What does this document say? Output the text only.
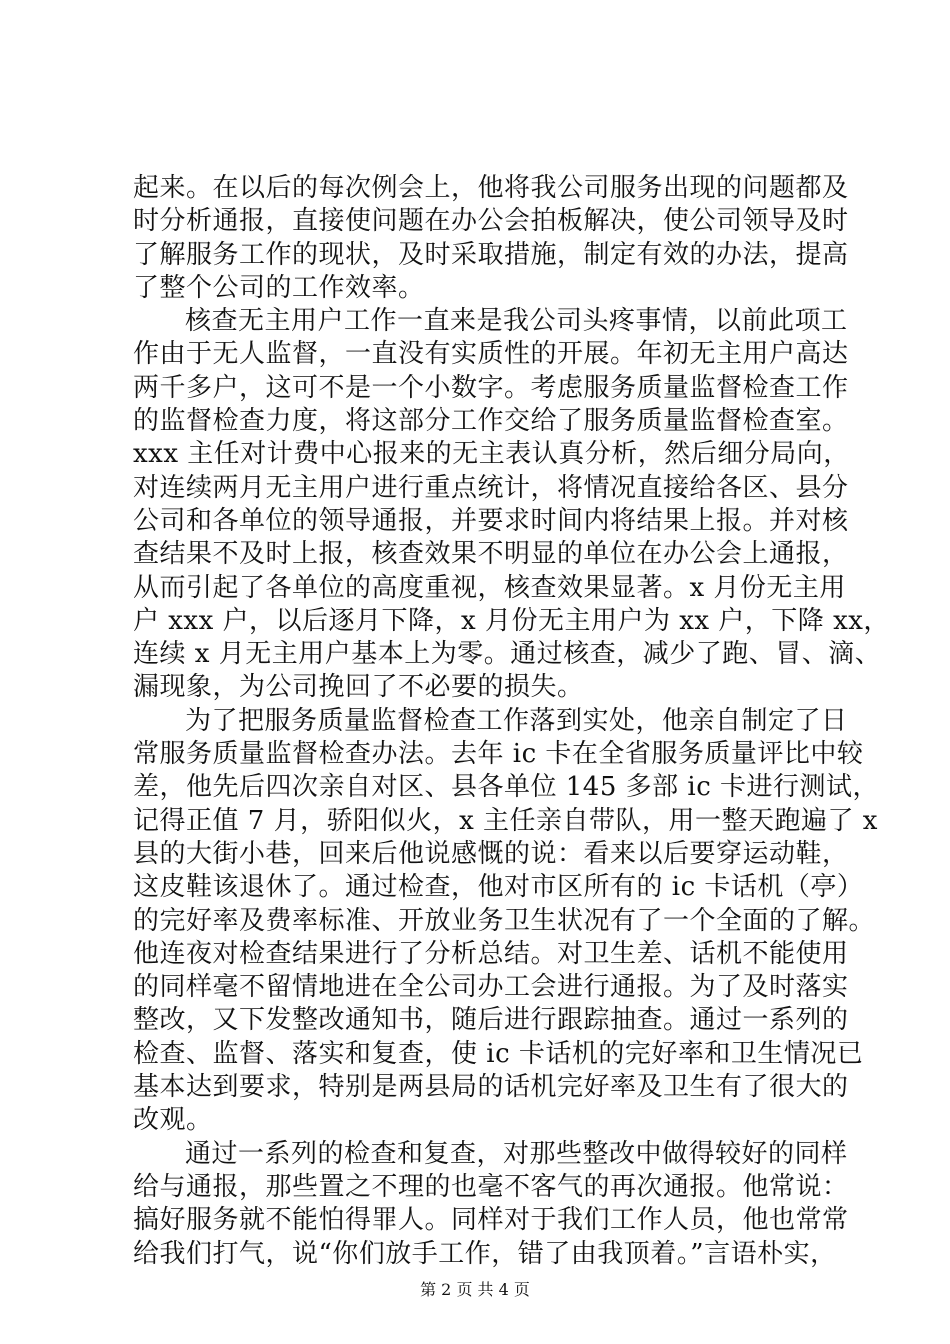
起来。在以后的每次例会上，他将我公司服务出现的问题都及
时分析通报，直接使问题在办公会拍板解决，使公司领导及时
了解服务工作的现状，及时采取措施，制定有效的办法，提高
了整个公司的工作效率。
核查无主用户工作一直来是我公司头疼事情，以前此项工
作由于无人监督，一直没有实质性的开展。年初无主用户高达
两千多户，这可不是一个小数字。考虑服务质量监督检查工作
的监督检查力度，将这部分工作交给了服务质量监督检查室。
xxx 主任对计费中心报来的无主表认真分析，然后细分局向，
对连续两月无主用户进行重点统计，将情况直接给各区、县分
公司和各单位的领导通报，并要求时间内将结果上报。并对核
查结果不及时上报，核查效果不明显的单位在办公会上通报，
从而引起了各单位的高度重视，核查效果显著。x 月份无主用
户 xxx 户，以后逐月下降，x 月份无主用户为 xx 户，下降 xx，
连续 x 月无主用户基本上为零。通过核查，减少了跑、冒、滴、
漏现象，为公司挽回了不必要的损失。
为了把服务质量监督检查工作落到实处，他亲自制定了日
常服务质量监督检查办法。去年 ic 卡在全省服务质量评比中较
差，他先后四次亲自对区、县各单位 145 多部 ic 卡进行测试，
记得正值 7 月，骄阳似火，x 主任亲自带队，用一整天跑遍了 x
县的大街小巷，回来后他说感慨的说：看来以后要穿运动鞋，
这皮鞋该退休了。通过检查，他对市区所有的 ic 卡话机（亭）
的完好率及费率标准、开放业务卫生状况有了一个全面的了解。
他连夜对检查结果进行了分析总结。对卫生差、话机不能使用
的同样毫不留情地进在全公司办工会进行通报。为了及时落实
整改，又下发整改通知书，随后进行跟踪抽查。通过一系列的
检查、监督、落实和复查，使 ic 卡话机的完好率和卫生情况已
基本达到要求，特别是两县局的话机完好率及卫生有了很大的
改观。
通过一系列的检查和复查，对那些整改中做得较好的同样
给与通报，那些置之不理的也毫不客气的再次通报。他常说：
搞好服务就不能怕得罪人。同样对于我们工作人员，他也常常
给我们打气，说“你们放手工作，错了由我顶着。”言语朴实，
第 2 页 共 4 页
